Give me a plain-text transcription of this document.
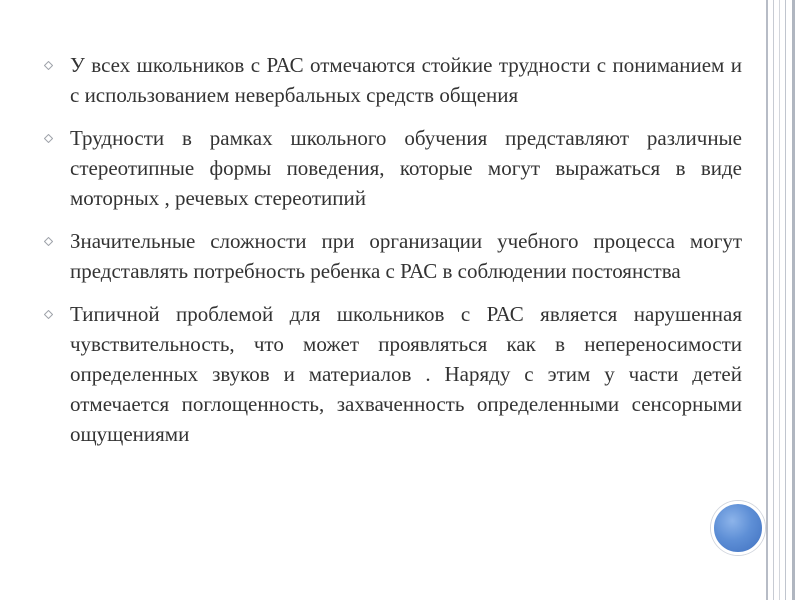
У всех школьников с РАС отмечаются стойкие трудности с пониманием и с использованием невербальных средств общения
Трудности в рамках школьного обучения представляют различные стереотипные формы поведения, которые могут выражаться в виде моторных , речевых стереотипий
Значительные сложности при организации учебного процесса могут представлять потребность ребенка с РАС в соблюдении постоянства
Типичной проблемой для школьников с РАС является нарушенная чувствительность, что может проявляться как в непереносимости определенных звуков и материалов . Наряду с этим у части детей отмечается поглощенность, захваченность определенными сенсорными ощущениями
